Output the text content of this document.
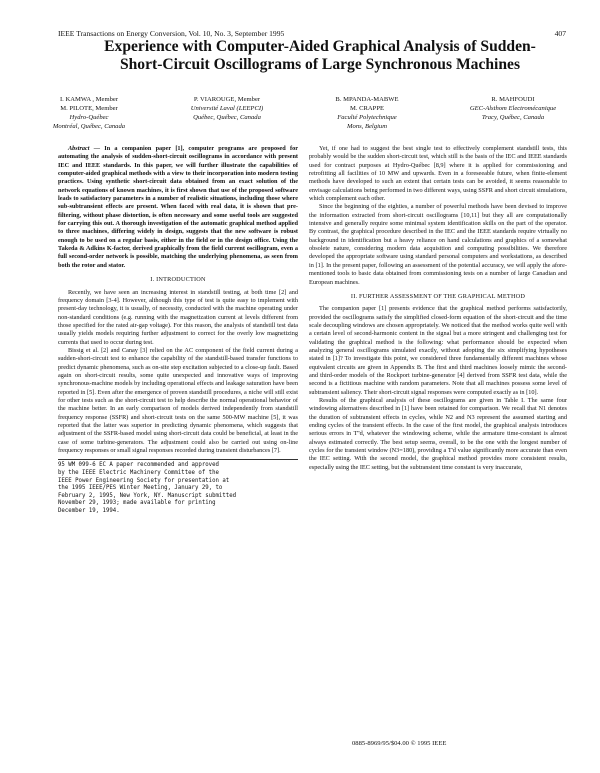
IEEE Transactions on Energy Conversion, Vol. 10, No. 3, September 1995	407
Experience with Computer-Aided Graphical Analysis of Sudden-
Short-Circuit Oscillograms of Large Synchronous Machines
I. KAMWA , Member
M. PILOTE, Member
Hydro-Québec
Montréal, Québec, Canada
P. VIAROUGE, Member
Université Laval (LEEPCI)
Québec, Québec, Canada
B. MPANDA-MABWE
M. CRAPPE
Faculté Polytechnique
Mons, Belgium
R. MAHFOUDI
GEC-Alsthom Electromécanique
Tracy, Québec, Canada

Abstract — In a companion paper [1], computer programs are proposed for automating the analysis of sudden-short-circuit oscillograms in accordance with present IEC and IEEE standards. In this paper, we will further illustrate the capabilities of computer-aided graphical methods with a view to their incorporation into modern testing practices. Using synthetic short-circuit data obtained from an exact solution of the network equations of known machines, it is first shown that use of the proposed software leads to satisfactory parameters in a number of realistic situations, including those where sub-subtransient effects are present. When faced with real data, it is shown that pre-filtering, without phase distortion, is often necessary and some useful tools are suggested for carrying this out. A thorough investigation of the automatic graphical method applied to three machines, differing widely in design, suggests that the new software is robust enough to be used on a regular basis, either in the field or in the design office. Using the Takeda & Adkins K-factor, derived graphically from the field current oscillogram, even a full second-order network is possible, matching the underlying phenomena, as seen from both the rotor and stator.

I. INTRODUCTION

Recently, we have seen an increasing interest in standstill testing, at both time [2] and frequency domain [3-4]. However, although this type of test is quite easy to implement with present-day technology, it is usually, of necessity, conducted with the machine operating under non-standard conditions (e.g. running with the magnetization current at levels different from those specified for the rated air-gap voltage). For this reason, the analysis of standstill test data usually yields models requiring further adjustment to correct for the overly low magnetizing currents that used to occur during test.

Bissig et al. [2] and Canay [3] relied on the AC component of the field current during a sudden-short-circuit test to enhance the capability of the standstill-based transfer functions to predict dynamic phenomena, such as on-site step excitation subjected to a close-up fault. Based again on short-circuit results, some quite unexpected and innovative ways of improving synchronous-machine models by including operational effects and leakage saturation have been reported in [5]. Even after the emergence of proven standstill procedures, a niche will still exist for other tests such as the short-circuit test to help describe the normal operational behavior of the machine better. In an early comparison of models derived independently from standstill frequency response (SSFR) and short-circuit tests on the same 500-MW machine [5], it was reported that the latter was superior in predicting dynamic phenomena, which suggests that adjustment of the SSFR-based model using short-circuit data could be beneficial, at least in the case of some turbine-generators. The adjustment could also be carried out using on-line frequency responses or small signal responses recorded during transient disturbances [7].

95 WM 099-6 EC A paper recommended and approved
by the IEEE Electric Machinery Committee of the
IEEE Power Engineering Society for presentation at
the 1995 IEEE/PES Winter Meeting, January 29, to
February 2, 1995, New York, NY. Manuscript submitted
November 29, 1993; made available for printing
December 19, 1994.

Yet, if one had to suggest the best single test to effectively complement standstill tests, this probably would be the sudden short-circuit test, which still is the basis of the IEC and IEEE standards used for contract purposes at Hydro-Québec [8,9] where it is applied for commissioning and retrofitting all facilities of 10 MW and upwards. Even in a foreseeable future, when finite-element methods have developed to such an extent that certain tests can be avoided, it seems reasonable to envisage calculations being performed in two different ways, using SSFR and short circuit simulations, which complement each other.

Since the beginning of the eighties, a number of powerful methods have been devised to improve the information extracted from short-circuit oscillograms [10,11] but they all are computationally intensive and generally require some minimal system identification skills on the part of the operator. By contrast, the graphical procedure described in the IEC and the IEEE standards require virtually no background in identification but a heavy reliance on hand calculations and graphics of a somewhat obsolete nature, considering modern data acquisition and computing possibilities. We therefore developed the appropriate software using standard personal computers and workstations, as described in [1]. In the present paper, following an assessment of the potential accuracy, we will apply the afore-mentioned tools to basic data obtained from commissioning tests on a number of large Canadian and European machines.

II. FURTHER ASSESSMENT OF THE GRAPHICAL METHOD

The companion paper [1] presents evidence that the graphical method performs satisfactorily, provided the oscillograms satisfy the simplified closed-form equation of the short-circuit and the time scale decoupling windows are chosen appropriately. We noticed that the method works quite well with a certain level of second-harmonic content in the signal but a more stringent and challenging test for validating the graphical method is the following: what performance should be expected when analyzing general oscillograms simulated exactly, without adopting the six simplifying hypotheses stated in [1]? To investigate this point, we considered three fundamentally different machines whose equivalent circuits are given in Appendix B. The first and third machines loosely mimic the second- and third-order models of the Rockport turbine-generator [4] derived from SSFR test data, while the second is a fictitious machine with random parameters. Note that all machines possess some level of subtransient saliency. Their short-circuit signal responses were computed exactly as in [10].

Results of the graphical analysis of these oscillograms are given in Table I. The same four windowing alternatives described in [1] have been retained for comparison. We recall that N1 denotes the duration of subtransient effects in cycles, while N2 and N3 represent the assumed starting and ending cycles of the transient effects. In the case of the first model, the graphical analysis introduces serious errors in T''d, whatever the windowing scheme, while the armature time-constant is almost always estimated correctly. The best setup seems, overall, to be the one with the longest number of cycles for the transient window (N3=180), providing a T'd value significantly more accurate than even the IEC setting. With the second model, the graphical method provides more consistent results, especially using the IEC setting, but the subtransient time constant is very inaccurate,

0885-8969/95/$04.00 © 1995 IEEE
